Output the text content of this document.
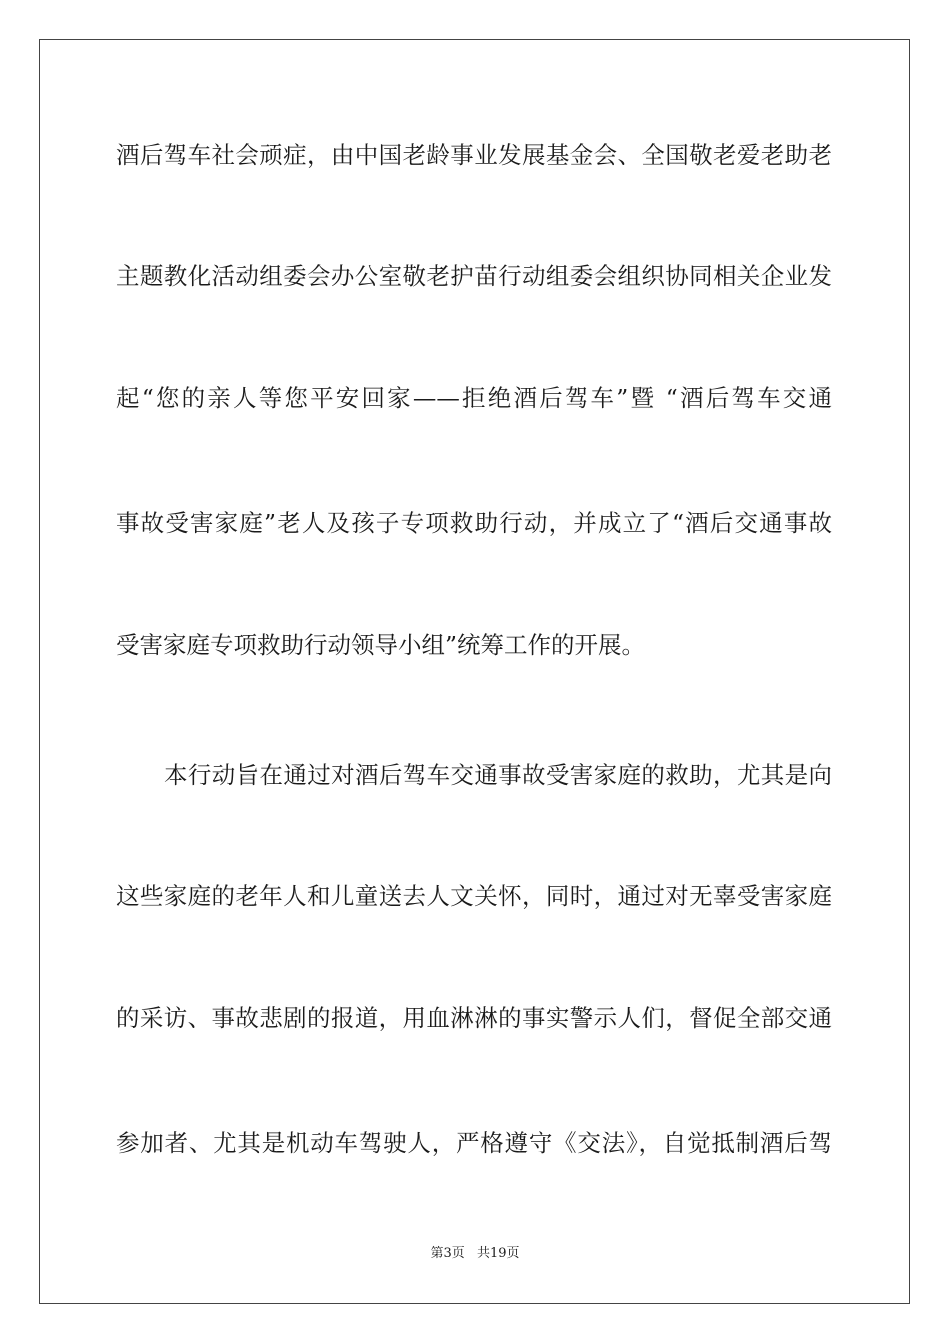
酒后驾车社会顽症，由中国老龄事业发展基金会、全国敬老爱老助老
主题教化活动组委会办公室敬老护苗行动组委会组织协同相关企业发
起“您的亲人等您平安回家——拒绝酒后驾车”暨 “酒后驾车交通
事故受害家庭”老人及孩子专项救助行动，并成立了“酒后交通事故
受害家庭专项救助行动领导小组”统筹工作的开展。
本行动旨在通过对酒后驾车交通事故受害家庭的救助，尤其是向
这些家庭的老年人和儿童送去人文关怀，同时，通过对无辜受害家庭
的采访、事故悲剧的报道，用血淋淋的事实警示人们，督促全部交通
参加者、尤其是机动车驾驶人，严格遵守《交法》，自觉抵制酒后驾
第3页 共19页
